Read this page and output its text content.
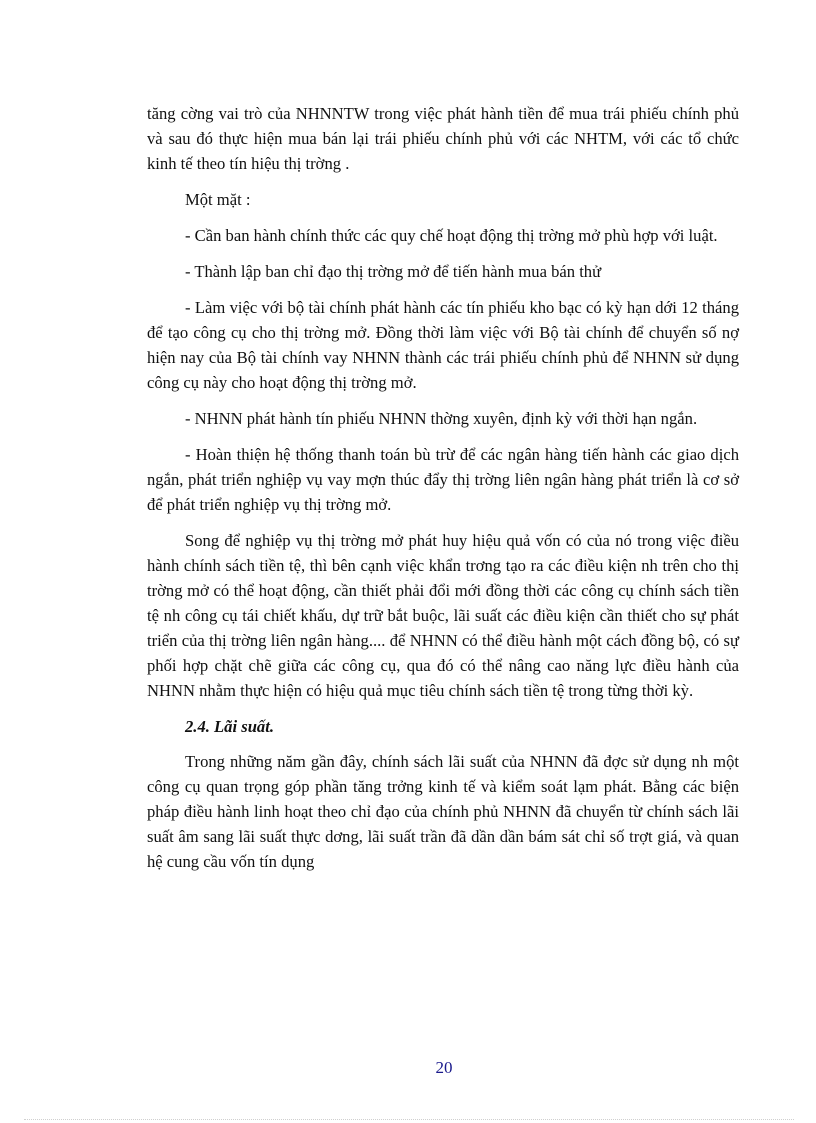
tăng cờng vai trò của NHNNTW trong việc phát hành tiền để mua trái phiếu chính phủ và sau đó thực hiện mua bán lại trái phiếu chính phủ với các NHTM, với các tổ chức kinh tế theo tín hiệu thị trờng .

Một mặt :

- Cần ban hành chính thức các quy chế hoạt động thị trờng mở phù hợp với luật.

- Thành lập ban chỉ đạo thị trờng mở để tiến hành mua bán thử

- Làm việc với bộ tài chính phát hành các tín phiếu kho bạc có kỳ hạn dới 12 tháng để tạo công cụ cho thị trờng mở. Đồng thời làm việc với Bộ tài chính để chuyển số nợ hiện nay của Bộ tài chính vay NHNN thành các trái phiếu chính phủ để NHNN sử dụng công cụ này cho hoạt động thị trờng mở.

- NHNN phát hành tín phiếu NHNN thờng xuyên, định kỳ với thời hạn ngắn.

- Hoàn thiện hệ thống thanh toán bù trừ để các ngân hàng tiến hành các giao dịch ngắn, phát triển nghiệp vụ vay mợn thúc đẩy thị trờng liên ngân hàng phát triển là cơ sở để phát triển nghiệp vụ thị trờng mở.

Song để nghiệp vụ thị trờng mở phát huy hiệu quả vốn có của nó trong việc điều hành chính sách tiền tệ, thì bên cạnh việc khẩn trơng tạo ra các điều kiện nh trên cho thị trờng mở có thể hoạt động, cần thiết phải đổi mới đồng thời các công cụ chính sách tiền tệ nh công cụ tái chiết khấu, dự trữ bắt buộc, lãi suất các điều kiện cần thiết cho sự phát triển của thị trờng liên ngân hàng.... để NHNN có thể điều hành một cách đồng bộ, có sự phối hợp chặt chẽ giữa các công cụ, qua đó có thể nâng cao năng lực điều hành của NHNN nhằm thực hiện có hiệu quả mục tiêu chính sách tiền tệ trong từng thời kỳ.

2.4. Lãi suất.

Trong những năm gần đây, chính sách lãi suất của NHNN đã đợc sử dụng nh một công cụ quan trọng góp phần tăng trởng kinh tế và kiểm soát lạm phát. Bằng các biện pháp điều hành linh hoạt theo chỉ đạo của chính phủ NHNN đã chuyển từ chính sách lãi suất âm sang lãi suất thực dơng, lãi suất trần đã dần dần bám sát chỉ số trợt giá, và quan hệ cung cầu vốn tín dụng

20
